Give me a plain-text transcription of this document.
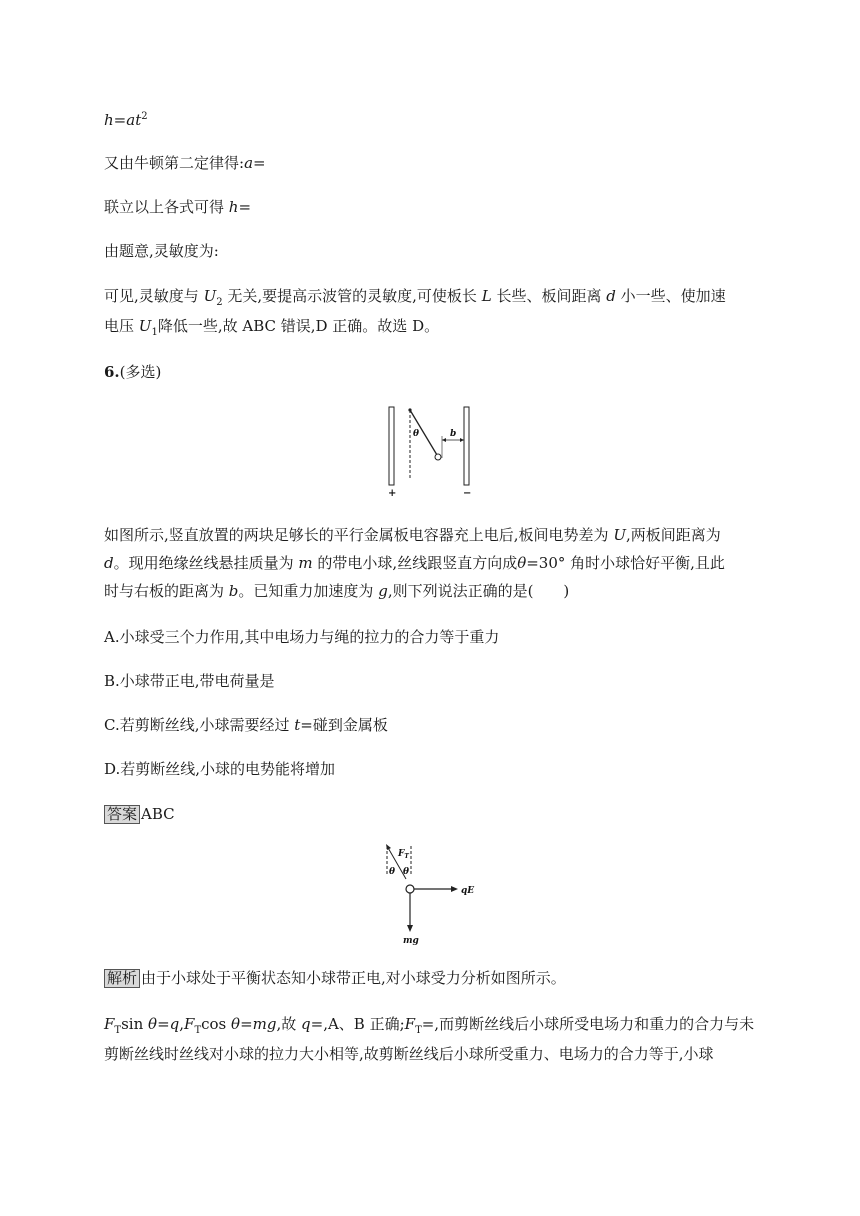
$h=at^2$
又由牛顿第二定律得:a=
联立以上各式可得 h=
由题意,灵敏度为:
可见,灵敏度与 $U_2$ 无关,要提高示波管的灵敏度,可使板长 L 长些、板间距离 d 小一些、使加速
电压 $U_1$降低一些,故 ABC 错误,D 正确。故选 D。
6.(多选)
θ	b
+	−
如图所示,竖直放置的两块足够长的平行金属板电容器充上电后,板间电势差为 U,两板间距离为
d。现用绝缘丝线悬挂质量为 m 的带电小球,丝线跟竖直方向成θ=30° 角时小球恰好平衡,且此
时与右板的距离为 b。已知重力加速度为 g,则下列说法正确的是(　　)
A.小球受三个力作用,其中电场力与绳的拉力的合力等于重力
B.小球带正电,带电荷量是
C.若剪断丝线,小球需要经过 t=碰到金属板
D.若剪断丝线,小球的电势能将增加
答案 ABC
$F_T$
θ θ
qE
mg
解析 由于小球处于平衡状态知小球带正电,对小球受力分析如图所示。
$F_T\sin$ $\theta=q,F_T\cos$ θ=mg,故 q=,A、B 正确$;F_T=$,而剪断丝线后小球所受电场力和重力的合力与未
剪断丝线时丝线对小球的拉力大小相等,故剪断丝线后小球所受重力、电场力的合力等于,小球
